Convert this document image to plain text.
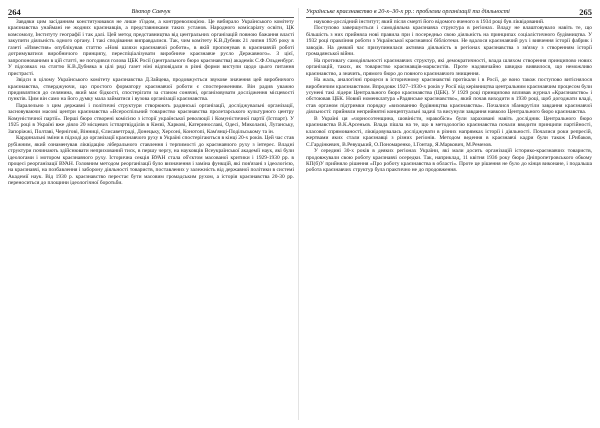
264	Віктор Савчук

Завдяки цим засіданням конституювався не лише з'їздом, а контрреволюцією. Це вибирало Українського комітету краєзнавства унаймані не жодних краєзнавців, а представниками таких установ. Народного комісаріату освіти, ЦК комсомолу, Інституту географії і так далі. Цей метод представництва від центральних організацій повною бажання власті закупити діяльність одного органу. І такі сподівання виправдалися. Так, чим комітету К.В.Дубняк 21 липня 1926 року в газеті «Известия» опублікував статтю «Нові шляхи краєзнавчої роботи», в якій пропонував в краєзнавчій роботі дотримуватися виробничого принципу, переспіціалізувати виробниче краєзнавче русло Державного». З цієї, запропонованими в цій статті, не погодився голова ЦБК Росії (центрального бюро краєзнавства) академік С.Ф.Ольденбург. У підсовках на статтю К.В.Дубняка в цілі ряді газет ніні відповідали в різні форми виступи щодо цього питання пристрасті.

Звідси в цілому Українського комітету краєзнавства Д.Зайцева, продовжується звукове значення цей виробничого краєзнавства, стверджуючи, що простого форматору краєзнавчої роботи є спостереженням. Він радив уважно придивлятися до селянина, який має бідкості, спостерігати за станом сонячні, організовувати дослідження місцевості пунктів. Цим він само на його думку мала займатися і вузова організації краєзнавства.

Паралельно з цим державні і політичні структури створюють радянські організації, досліджувальні організації, засновуваючи масові центри краєзнавства «Всероспільний товариство краєзнавства пролетарського культурного центру Комуністичної партії». Перші бюро створені комісією з історії української революції і Комуністичної партії (Істпарт). У 1925 році в Україні вже діяло 20 місцевих істпартвідділів в Києві, Харкові, Катеринославі, Одесі, Миколаєві, Луганську, Запоріжжі, Полтаві, Чернігові, Вінниці, Єлисаветграді, Донецьку, Херсоні, Конотопі, Кам'янці-Подільському та ін.

Кардинальні зміни в підході до організації краєзнавчого руху в Україні спостерігаються в кінці 20-х років. Цей час став рубіжним, який ознаменував ліквідацію ліберального ставлення і терпимості до краєзнавчого руху з інтерес. Владні структури починають здійснювати неприхований тиск, в першу чергу, на науковців Всеукраїнської академії наук, які були ідеологами і мотором краєзнавчого руху. Історична секція ВУАН стала об'єктом масованої критики і 1929-1930 рр. в процесі реорганізації ВУАН. Головним методом реорганізації було визначення і заміна функцій, які пов'язані з ідеологією, на краєзнавчі, на позбавлення і заборону діяльності товариств, поставлених у залежність від державної політики в системі Академії наук. Від 1930 р. краєзнавство перестає бути масовим громадським рухом, а історія краєзнавства 20-30 рр. переноситься до площини ідеологічної боротьби.

Українське краєзнавство в 20-х–30-х рр.: проблеми організації та діяльності	265

науково-дослідний інститут; який після смерті його відомого вченого в 1934 році був ліквідований.

Поступово завершується і самодіяльна краєзнавча структура в регіонах. Владу не влаштовувало навіть те, що більшість з них прийняла нові правила при і посередньо свою діяльність на принципах соціалістичного будівництва. У 1932 році правління роботи з Української краєзнавчої бібліотеки. Не вдалося краєзнавчий рух і вивчення історії фабрик і заводів. На деякий час призупинилася активна діяльність в регіонах краєзнавства з зв'язку з створенням історії громадянської війни.

На противагу самодіяльності краєзнавчих структур, які демократичності, влада шляхом створення принципово нових організацій, таких, як товариство краєзнавців-марксистів. Проте надзвичайно швидко виявилося, що неможливо краєзнавство, а значить, прямого бюро до повного краєзнавчого знищення.

На жаль, аналогічні процеси в історичному краєзнавстві протікали і в Росії, де воно також поступово витіснялося виробничим краєзнавством. Впродовж 1927–1930-х років у Росії від керівництва центральним краєзнавчим процесом були усунені такі лідери Центрального бюро краєзнавства (ЦБК). У 1929 році принципово впливав журнал «Краєзнавство» і обстоював ЦБК. Новий номенклатура «Радянське краєзнавство», який почав виходити в 1930 році, щоб догоджати владі, став органом підтримки порядку «вихованню будівництва краєзнавства». Почалися збанкрутіли завдання краєзнавчої діяльності: прийняли неприйнятні концептуальні задачі та висунули завдання навколо Центрального бюро краєзнавства.

В Україні ця «чорносотенщина, шовіністи, мракобіси» були зараховані навіть дослідник Центрального бюро краєзнавства В.К.Арсеньєв. Влада пішла на те, що в методологію краєзнавства почали вводити принципи партійності, класової спрямованості, ліквідовувалась досліджувати в різних напрямках історії і діяльності. Почалися роки репресій, жертвами яких стали краєзнавці з різних регіонів. Методом ведення в краєзнавчі кадри були також І.Рибаков, С.Гардінкевич, В.Ревуцький, О.Пономаренко, І.Гонтар, Я.Маркович, М.Ремезов.

У середині 30-х років в деяких регіонах України, які мали досить організацій історико-краєзнавчих товариств, продовжували свою роботу краєзнавчі осередки. Так, наприклад, 11 квітня 1936 року бюро Дніпропетровського обкому КП(б)У прийняло рішення «Про роботу краєзнавства в області». Проте це рішення не було до кінця виконане, і подальша робота краєзнавчих структур була практично не до продовження.
